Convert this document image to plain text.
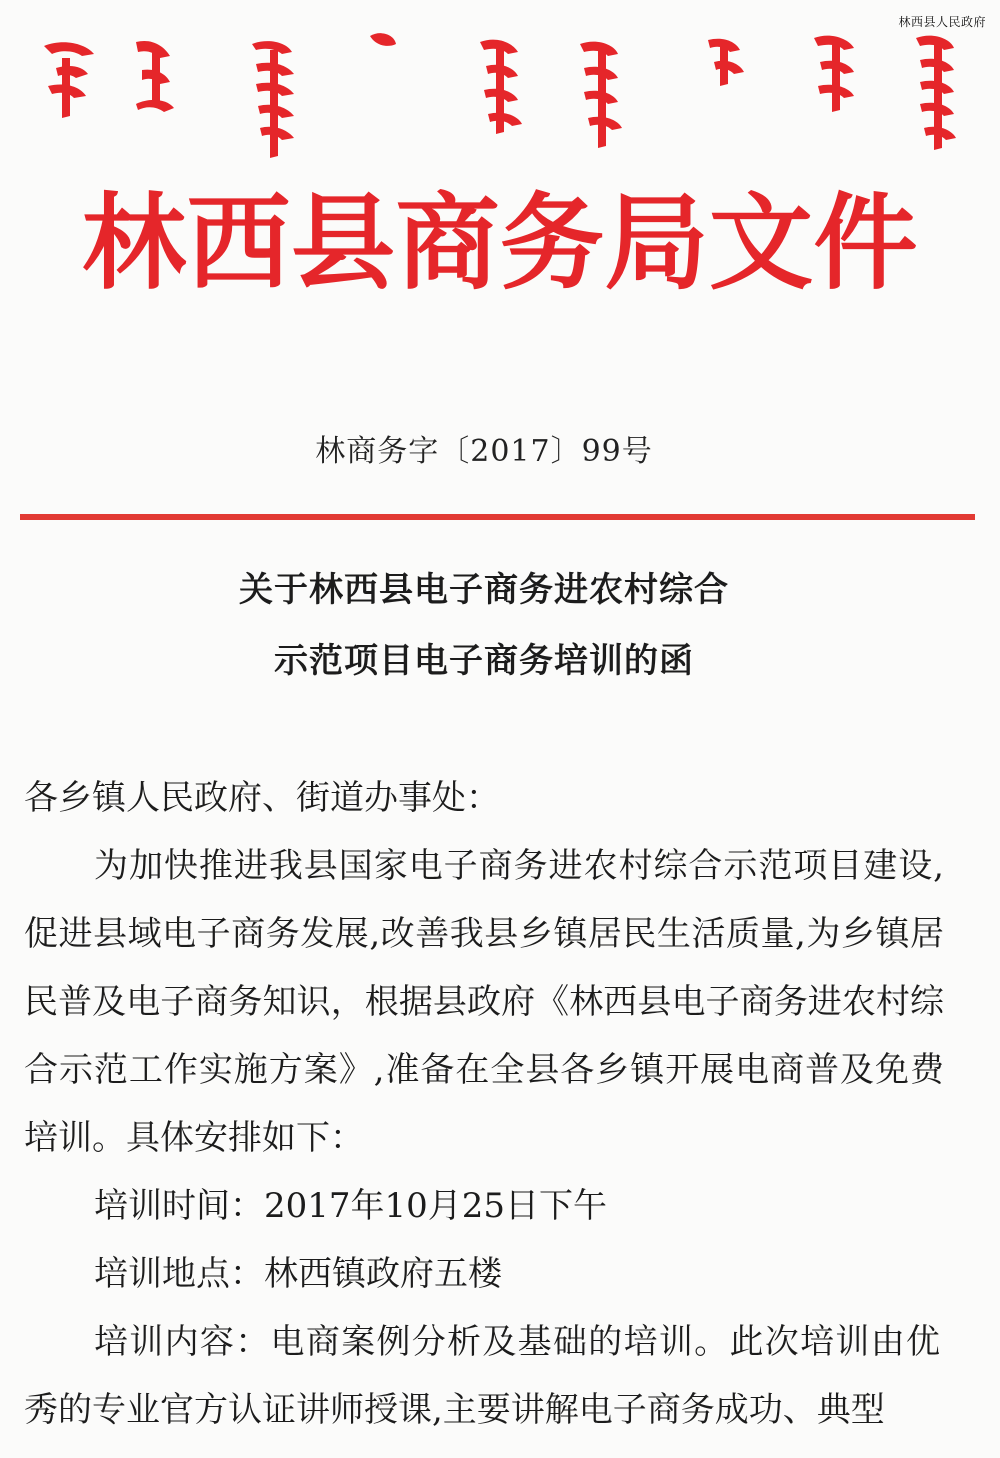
林西县人民政府
林西县商务局文件
林商务字〔2017〕99号
关于林西县电子商务进农村综合
示范项目电子商务培训的函

各乡镇人民政府、街道办事处：

为加快推进我县国家电子商务进农村综合示范项目建设,促进县域电子商务发展,改善我县乡镇居民生活质量,为乡镇居民普及电子商务知识，根据县政府《林西县电子商务进农村综合示范工作实施方案》,准备在全县各乡镇开展电商普及免费培训。具体安排如下：

培训时间：2017年10月25日下午

培训地点：林西镇政府五楼

培训内容：电商案例分析及基础的培训。此次培训由优秀的专业官方认证讲师授课,主要讲解电子商务成功、典型
